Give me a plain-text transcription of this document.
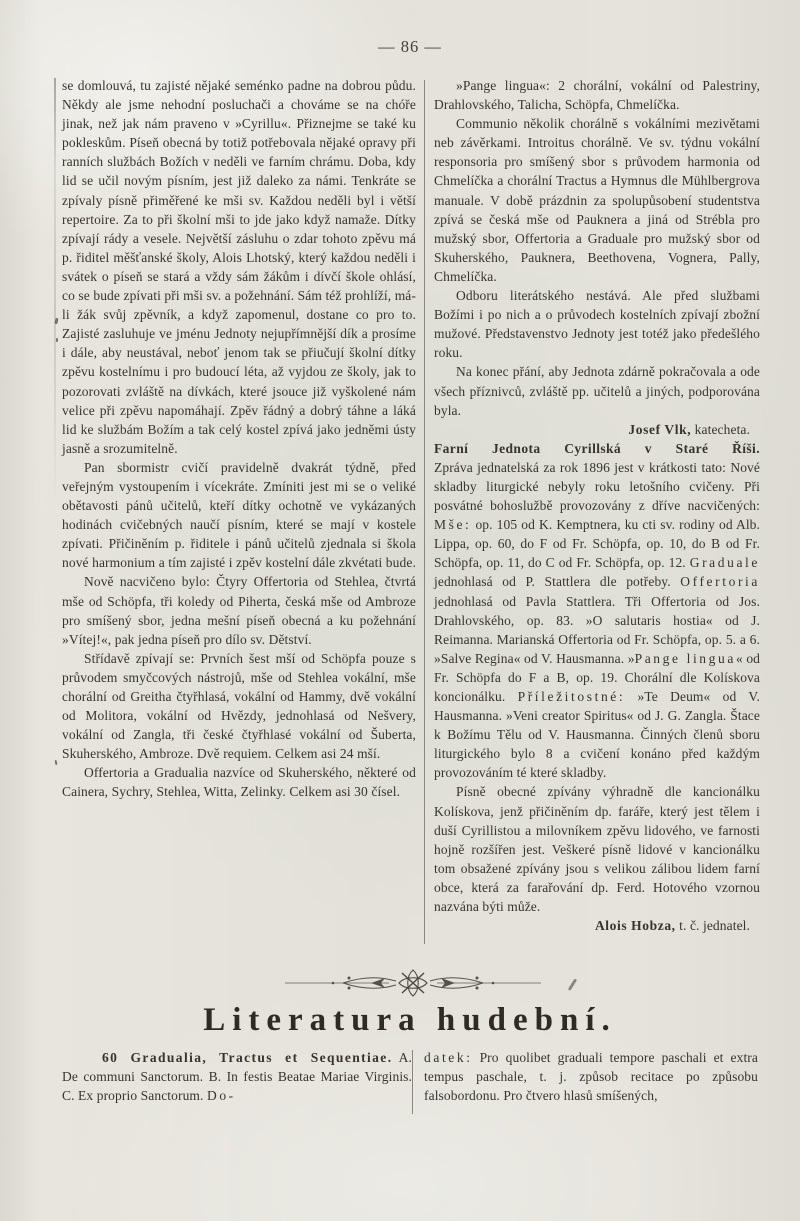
— 86 —

se domlouvá, tu zajisté nějaké seménko padne na dobrou půdu. Někdy ale jsme nehodní posluchači a chováme se na chóře jinak, než jak nám praveno v »Cyrillu«. Přiznejme se také ku pokleskům. Píseň obecná by totiž potřebovala nějaké opravy při ranních službách Božích v neděli ve farním chrámu. Doba, kdy lid se učil novým písním, jest již daleko za námi. Tenkráte se zpívaly písně přiměřené ke mši sv. Každou neděli byl i větší repertoire. Za to při školní mši to jde jako když namaže. Dítky zpívají rády a vesele. Největší zásluhu o zdar tohoto zpěvu má p. řiditel měšťanské školy, Alois Lhotský, který každou neděli i svátek o píseň se stará a vždy sám žákům i dívčí škole ohlásí, co se bude zpívati při mši sv. a požehnání. Sám též prohlíží, má-li žák svůj zpěvník, a když zapomenul, dostane co pro to. Zajisté zasluhuje ve jménu Jednoty nejupřímnější dík a prosíme i dále, aby neustával, neboť jenom tak se přiučují školní dítky zpěvu kostelnímu i pro budoucí léta, až vyjdou ze školy, jak to pozorovati zvláště na dívkách, které jsouce již vyškolené nám velice při zpěvu napomáhají. Zpěv řádný a dobrý táhne a láká lid ke službám Božím a tak celý kostel zpívá jako jedněmi ústy jasně a srozumitelně.

Pan sbormistr cvičí pravidelně dvakrát týdně, před veřejným vystoupením i vícekráte. Zmíniti jest mi se o veliké obětavosti pánů učitelů, kteří dítky ochotně ve vykázaných hodinách cvičebných naučí písním, které se mají v kostele zpívati. Přičiněním p. řiditele i pánů učitelů zjednala si škola nové harmonium a tím zajisté i zpěv kostelní dále zkvétati bude.

Nově nacvičeno bylo: Čtyry Offertoria od Stehlea, čtvrtá mše od Schöpfa, tři koledy od Piherta, česká mše od Ambroze pro smíšený sbor, jedna mešní píseň obecná a ku požehnání »Vítej!«, pak jedna píseň pro dílo sv. Dětství.

Střídavě zpívají se: Prvních šest mší od Schöpfa pouze s průvodem smyčcových nástrojů, mše od Stehlea vokální, mše chorální od Greitha čtyřhlasá, vokální od Hammy, dvě vokální od Molitora, vokální od Hvězdy, jednohlasá od Nešvery, vokální od Zangla, tři české čtyřhlasé vokální od Šuberta, Skuherského, Ambroze. Dvě requiem. Celkem asi 24 mší.

Offertoria a Gradualia nazvíce od Skuherského, některé od Cainera, Sychry, Stehlea, Witta, Zelinky. Celkem asi 30 čísel.

»Pange lingua«: 2 chorální, vokální od Palestriny, Drahlovského, Talicha, Schöpfa, Chmelíčka.

Communio několik chorálně s vokálními mezivětami neb závěrkami. Introitus chorálně. Ve sv. týdnu vokální responsoria pro smíšený sbor s průvodem harmonia od Chmelíčka a chorální Tractus a Hymnus dle Mühlbergrova manuale. V době prázdnin za spolupůsobení studentstva zpívá se česká mše od Pauknera a jiná od Strébla pro mužský sbor, Offertoria a Graduale pro mužský sbor od Skuherského, Pauknera, Beethovena, Vognera, Pally, Chmelíčka.

Odboru literátského nestává. Ale před službami Božími i po nich a o průvodech kostelních zpívají zbožní mužové. Představenstvo Jednoty jest totéž jako předešlého roku.

Na konec přání, aby Jednota zdárně pokračovala a ode všech příznivců, zvláště pp. učitelů a jiných, podporována byla.

Josef Vlk, katecheta.

Farní Jednota Cyrillská v Staré Říši.

Zpráva jednatelská za rok 1896 jest v krátkosti tato: Nové skladby liturgické nebyly roku letošního cvičeny. Při posvátné bohoslužbě provozovány z dříve nacvičených: Mše: op. 105 od K. Kemptnera, ku cti sv. rodiny od Alb. Lippa, op. 60, do F od Fr. Schöpfa, op. 10, do B od Fr. Schöpfa, op. 11, do C od Fr. Schöpfa, op. 12. Graduale jednohlasá od P. Stattlera dle potřeby. Offertoria jednohlasá od Pavla Stattlera. Tři Offertoria od Jos. Drahlovského, op. 83. »O salutaris hostia« od J. Reimanna. Marianská Offertoria od Fr. Schöpfa, op. 5. a 6. »Salve Regina« od V. Hausmanna. »Pange lingua« od Fr. Schöpfa do F a B, op. 19. Chorální dle Kolískova koncionálku. Příležitostné: »Te Deum« od V. Hausmanna. »Veni creator Spiritus« od J. G. Zangla. Štace k Božímu Tělu od V. Hausmanna. Činných členů sboru liturgického bylo 8 a cvičení konáno před každým provozováním té které skladby.

Písně obecné zpívány výhradně dle kancionálku Kolískova, jenž přičiněním dp. faráře, který jest tělem i duší Cyrillistou a milovníkem zpěvu lidového, ve farnosti hojně rozšířen jest. Veškeré písně lidové v kancionálku tom obsažené zpívány jsou s velikou zálibou lidem farní obce, která za farařování dp. Ferd. Hotového vzornou nazvána býti může.

Alois Hobza, t. č. jednatel.

Literatura hudební.

60 Gradualia, Tractus et Sequentiae. A. De communi Sanctorum. B. In festis Beatae Mariae Virginis. C. Ex proprio Sanctorum. Do-

datek: Pro quolibet graduali tempore paschali et extra tempus paschale, t. j. způsob recitace po způsobu falsobordonu. Pro čtvero hlasů smíšených,
